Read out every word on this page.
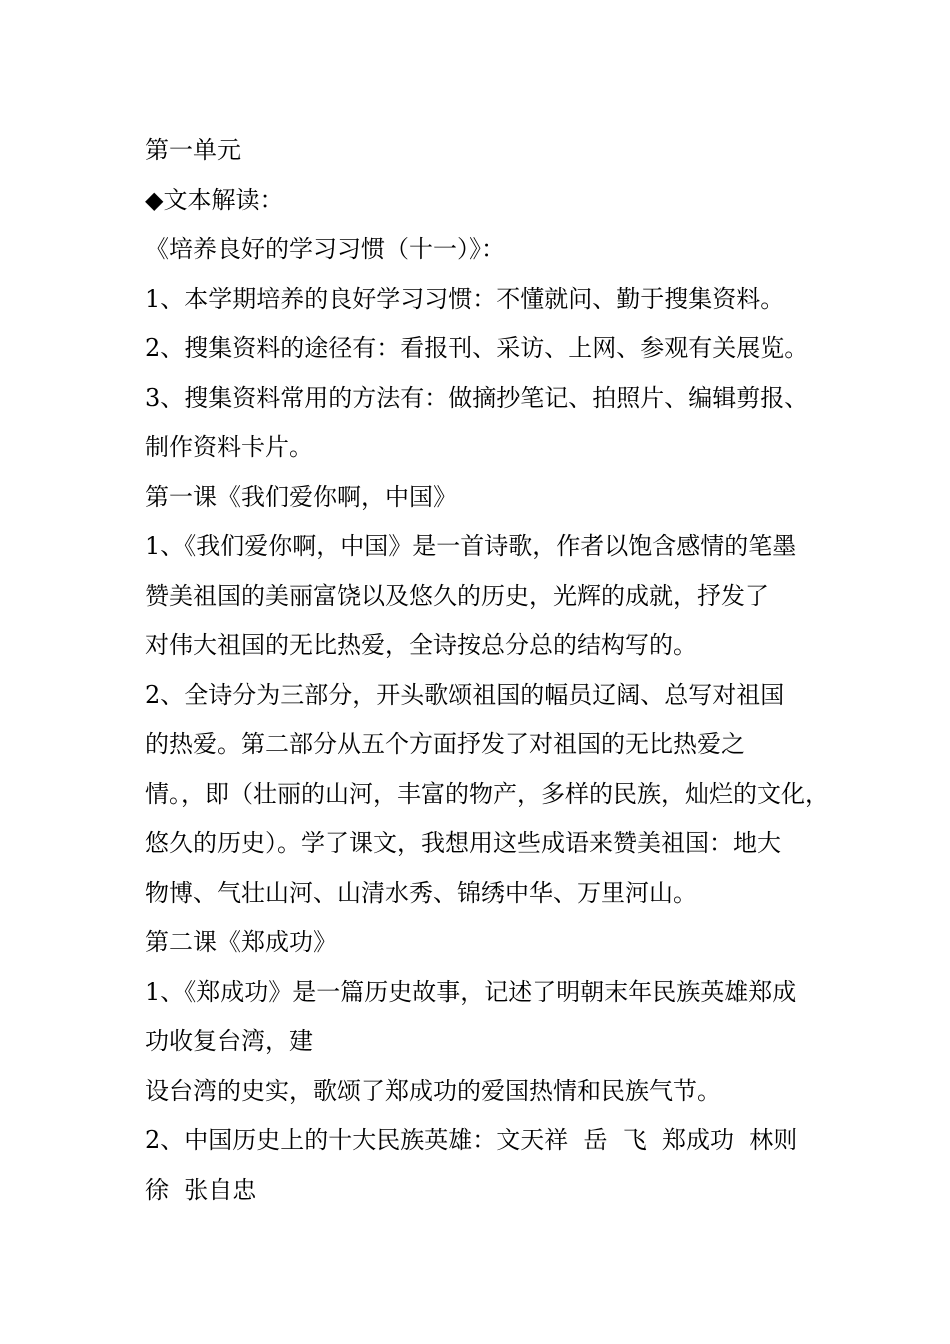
第一单元
◆文本解读：
《培养良好的学习习惯（十一）》：
1、本学期培养的良好学习习惯：不懂就问、勤于搜集资料。
2、搜集资料的途径有：看报刊、采访、上网、参观有关展览。
3、搜集资料常用的方法有：做摘抄笔记、拍照片、编辑剪报、
制作资料卡片。
第一课《我们爱你啊，中国》
1、《我们爱你啊，中国》是一首诗歌，作者以饱含感情的笔墨
赞美祖国的美丽富饶以及悠久的历史，光辉的成就，抒发了
对伟大祖国的无比热爱，全诗按总分总的结构写的。
2、全诗分为三部分，开头歌颂祖国的幅员辽阔、总写对祖国
的热爱。第二部分从五个方面抒发了对祖国的无比热爱之
情。，即（壮丽的山河，丰富的物产，多样的民族，灿烂的文化，
悠久的历史）。学了课文，我想用这些成语来赞美祖国：地大
物博、气壮山河、山清水秀、锦绣中华、万里河山。
第二课《郑成功》
1、《郑成功》是一篇历史故事，记述了明朝末年民族英雄郑成
功收复台湾，建
设台湾的史实，歌颂了郑成功的爱国热情和民族气节。
2、中国历史上的十大民族英雄：文天祥  岳  飞  郑成功  林则
徐  张自忠
